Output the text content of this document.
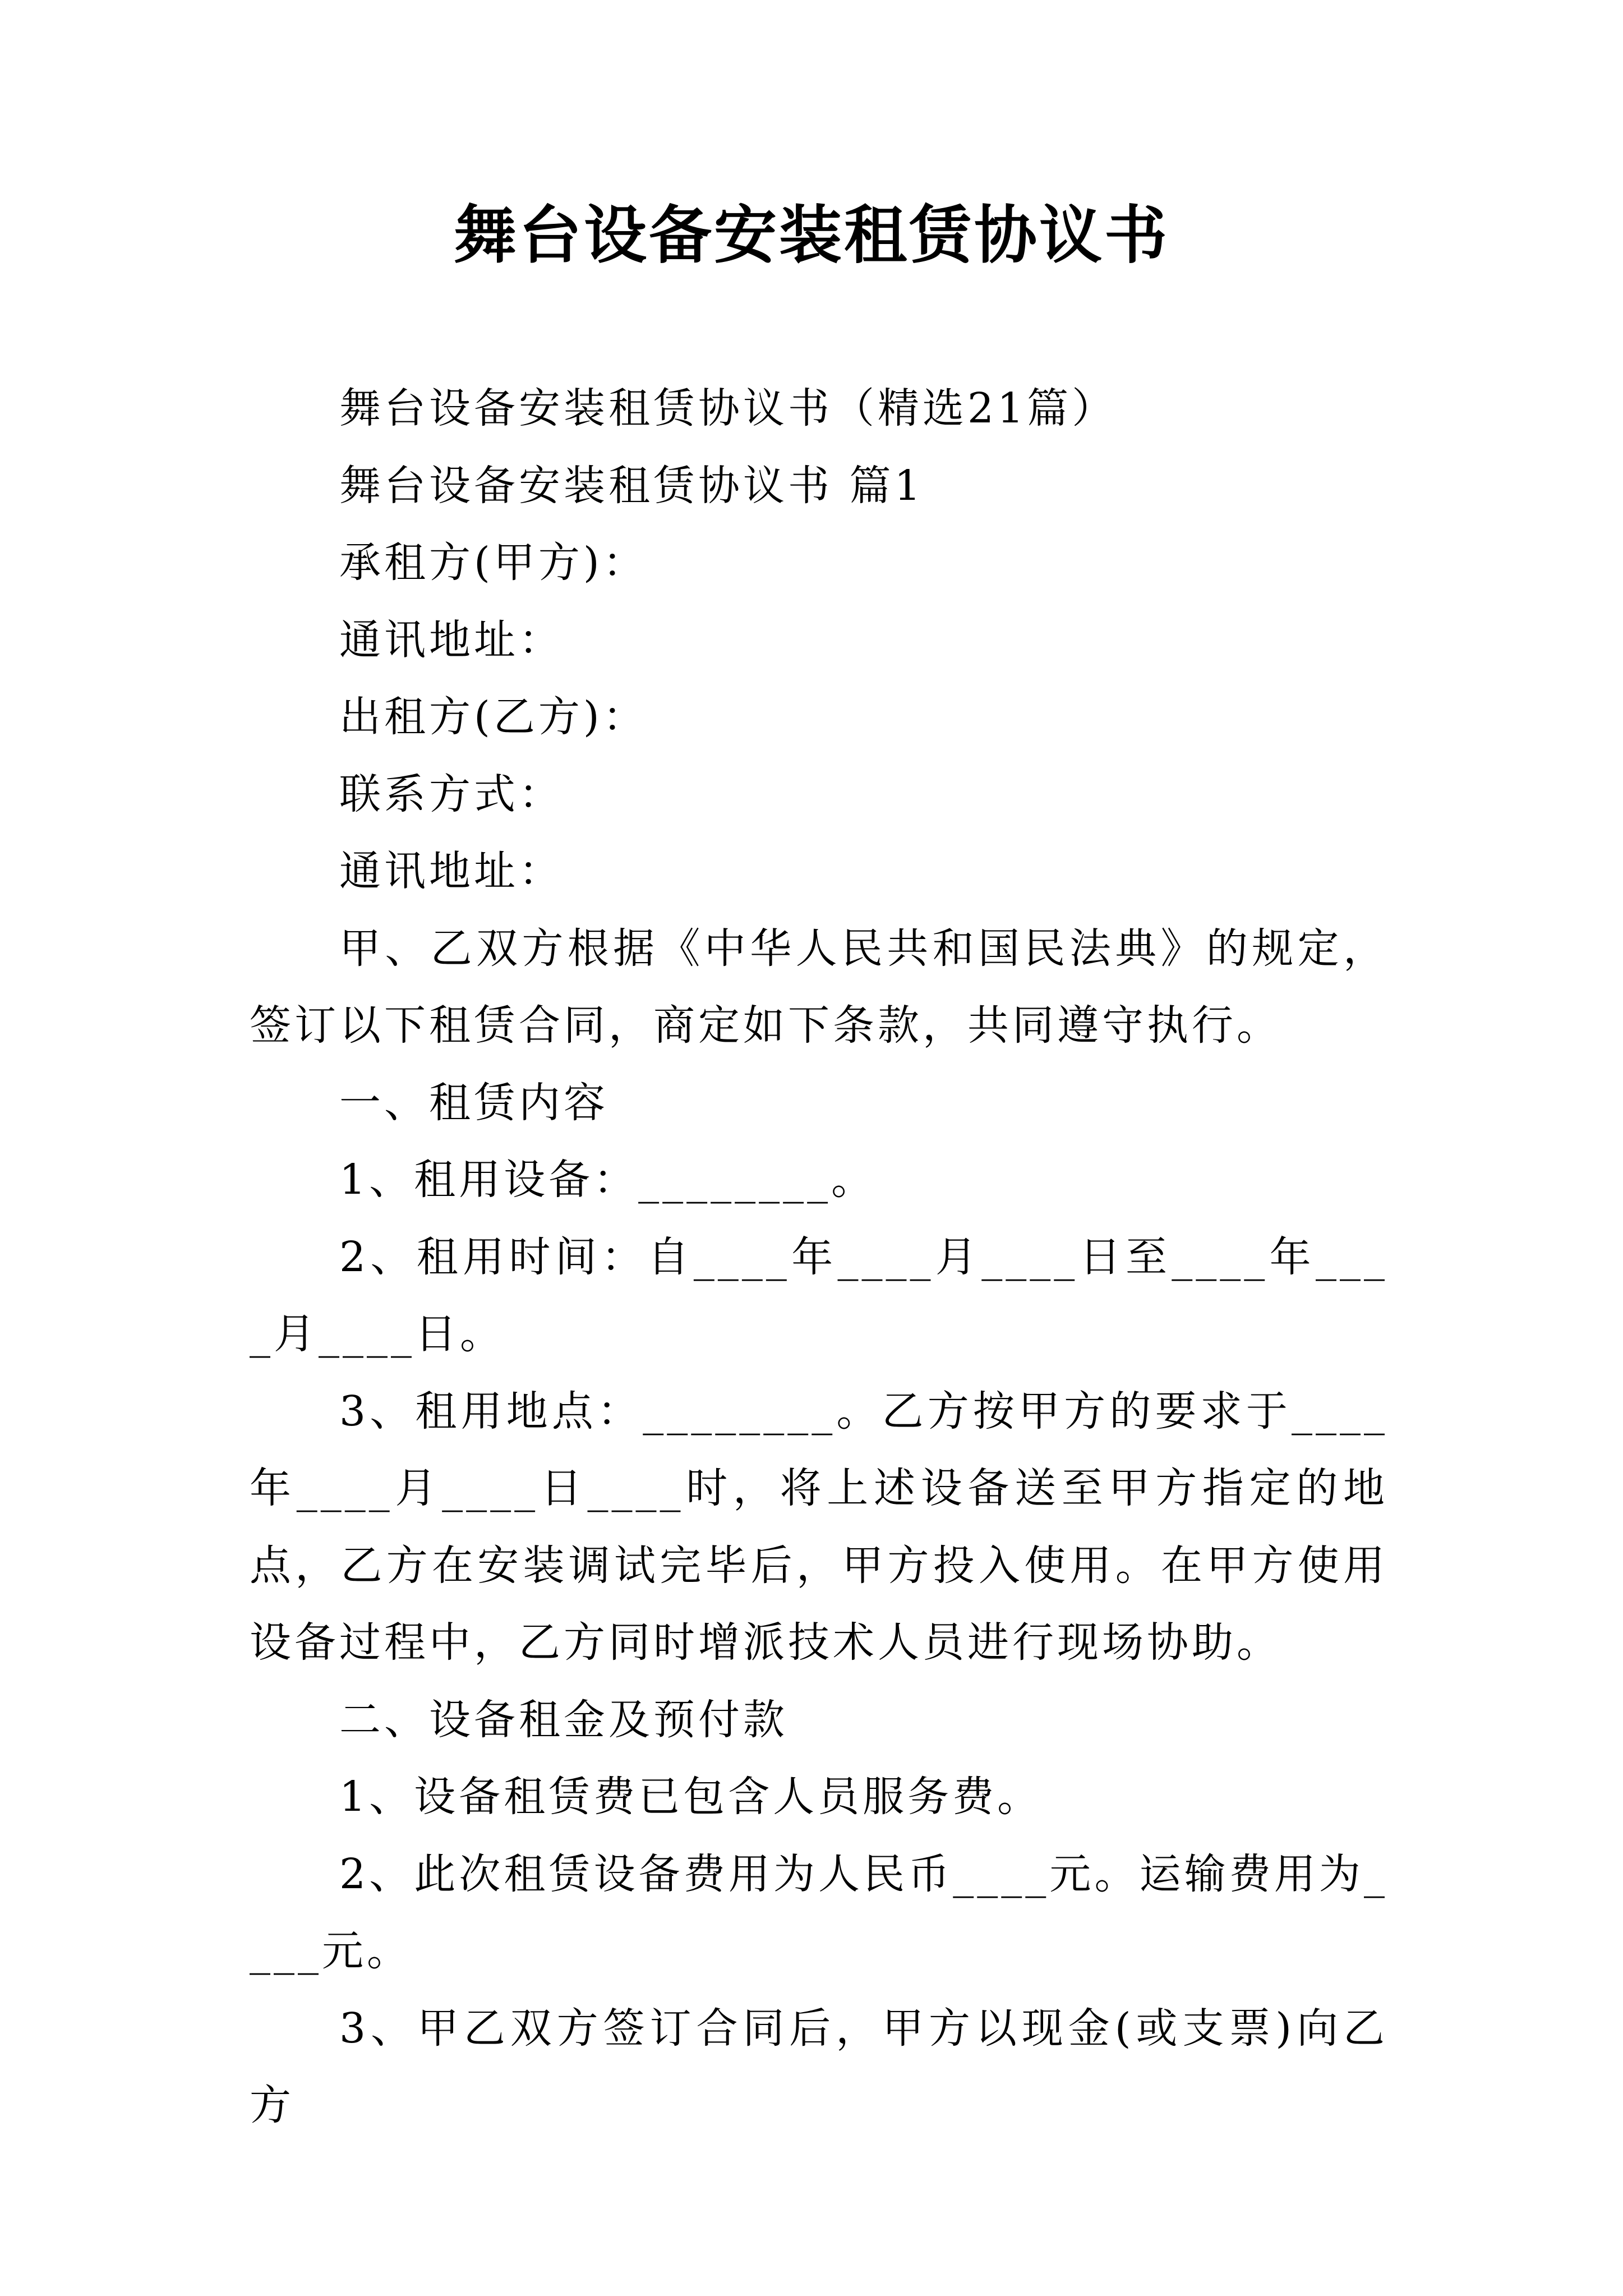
舞台设备安装租赁协议书

舞台设备安装租赁协议书（精选21篇）

舞台设备安装租赁协议书 篇1

承租方(甲方)：

通讯地址：

出租方(乙方)：

联系方式：

通讯地址：

甲、乙双方根据《中华人民共和国民法典》的规定，签订以下租赁合同，商定如下条款，共同遵守执行。

一、租赁内容

1、租用设备：________。

2、租用时间：自____年____月____日至____年____月____日。

3、租用地点：________。乙方按甲方的要求于____年____月____日____时，将上述设备送至甲方指定的地点，乙方在安装调试完毕后，甲方投入使用。在甲方使用设备过程中，乙方同时增派技术人员进行现场协助。

二、设备租金及预付款

1、设备租赁费已包含人员服务费。

2、此次租赁设备费用为人民币____元。运输费用为____元。

3、甲乙双方签订合同后，甲方以现金(或支票)向乙方
